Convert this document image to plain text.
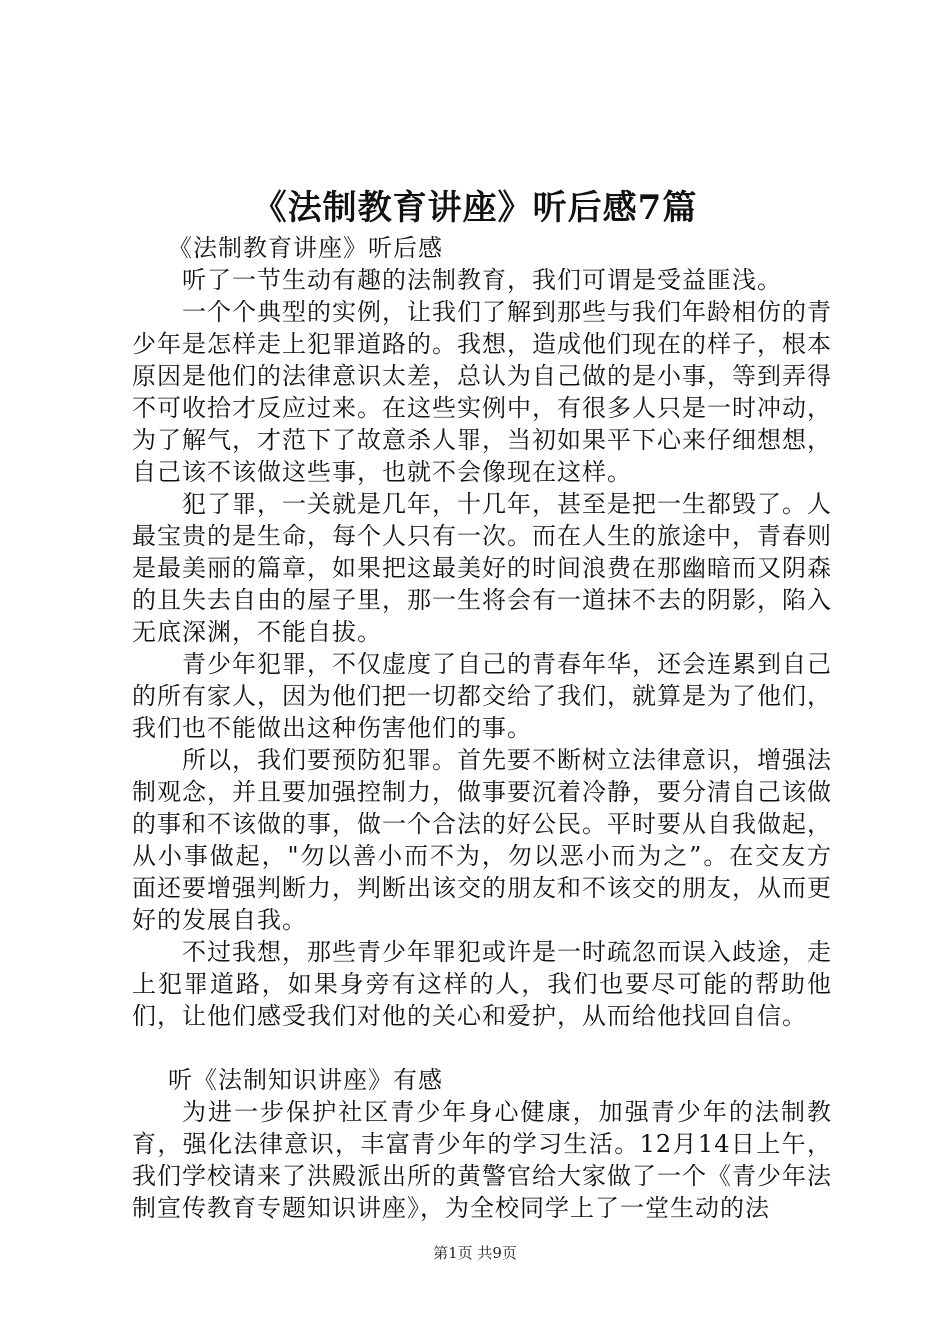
《法制教育讲座》听后感7篇

《法制教育讲座》听后感

听了一节生动有趣的法制教育，我们可谓是受益匪浅。

一个个典型的实例，让我们了解到那些与我们年龄相仿的青少年是怎样走上犯罪道路的。我想，造成他们现在的样子，根本原因是他们的法律意识太差，总认为自己做的是小事，等到弄得不可收拾才反应过来。在这些实例中，有很多人只是一时冲动，为了解气，才范下了故意杀人罪，当初如果平下心来仔细想想，自己该不该做这些事，也就不会像现在这样。

犯了罪，一关就是几年，十几年，甚至是把一生都毁了。人最宝贵的是生命，每个人只有一次。而在人生的旅途中，青春则是最美丽的篇章，如果把这最美好的时间浪费在那幽暗而又阴森的且失去自由的屋子里，那一生将会有一道抹不去的阴影，陷入无底深渊，不能自拔。

青少年犯罪，不仅虚度了自己的青春年华，还会连累到自己的所有家人，因为他们把一切都交给了我们，就算是为了他们，我们也不能做出这种伤害他们的事。

所以，我们要预防犯罪。首先要不断树立法律意识，增强法制观念，并且要加强控制力，做事要沉着冷静，要分清自己该做的事和不该做的事，做一个合法的好公民。平时要从自我做起，从小事做起，"勿以善小而不为，勿以恶小而为之”。在交友方面还要增强判断力，判断出该交的朋友和不该交的朋友，从而更好的发展自我。

不过我想，那些青少年罪犯或许是一时疏忽而误入歧途，走上犯罪道路，如果身旁有这样的人，我们也要尽可能的帮助他们，让他们感受我们对他的关心和爱护，从而给他找回自信。

听《法制知识讲座》有感

为进一步保护社区青少年身心健康，加强青少年的法制教育，强化法律意识，丰富青少年的学习生活。12月14日上午，我们学校请来了洪殿派出所的黄警官给大家做了一个《青少年法制宣传教育专题知识讲座》，为全校同学上了一堂生动的法

第1页 共9页
